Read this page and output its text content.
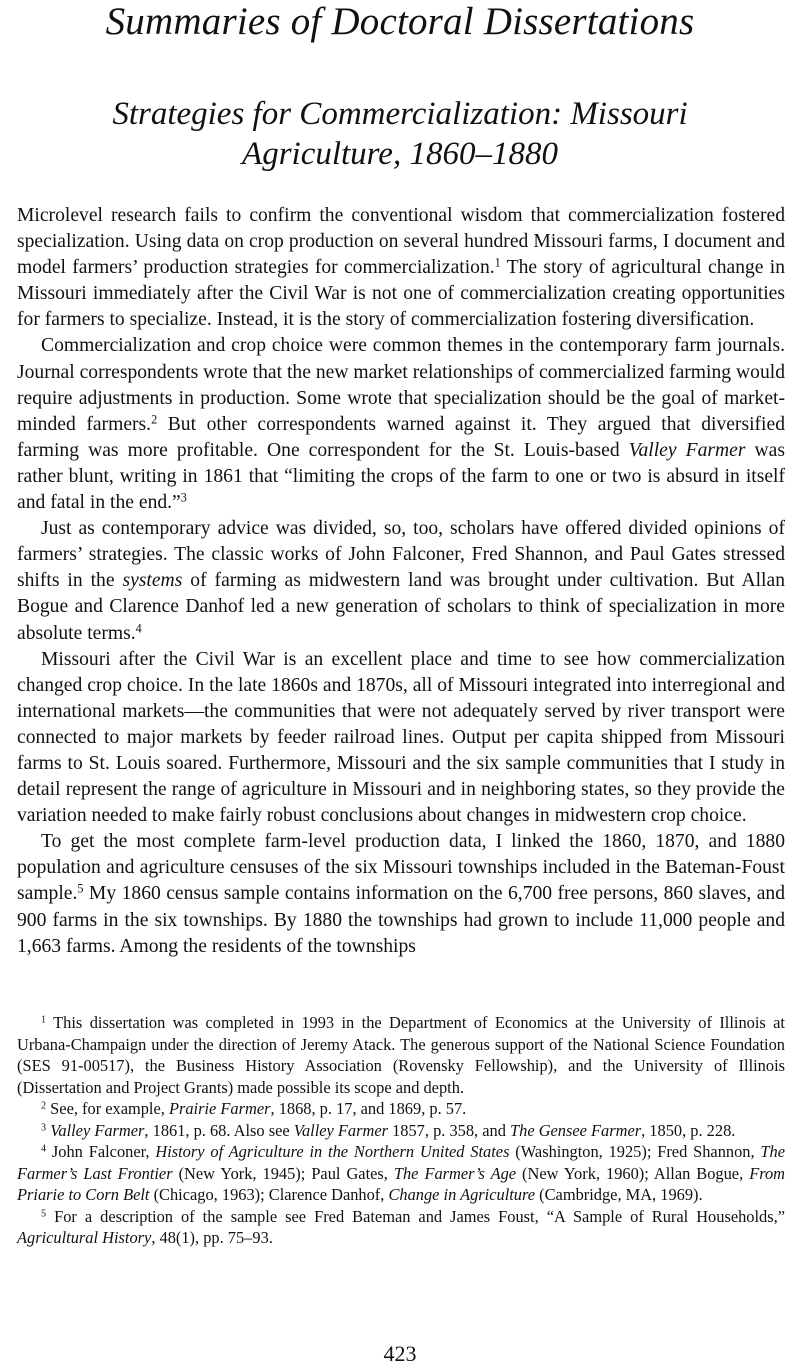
Summaries of Doctoral Dissertations
Strategies for Commercialization: Missouri
Agriculture, 1860–1880

Microlevel research fails to confirm the conventional wisdom that commercialization fostered specialization. Using data on crop production on several hundred Missouri farms, I document and model farmers’ production strategies for commercialization.$^1$ The story of agricultural change in Missouri immediately after the Civil War is not one of commercialization creating opportunities for farmers to specialize. Instead, it is the story of commercialization fostering diversification.

Commercialization and crop choice were common themes in the contemporary farm journals. Journal correspondents wrote that the new market relationships of commercialized farming would require adjustments in production. Some wrote that specialization should be the goal of market-minded farmers.$^2$ But other correspondents warned against it. They argued that diversified farming was more profitable. One correspondent for the St. Louis-based Valley Farmer was rather blunt, writing in 1861 that “limiting the crops of the farm to one or two is absurd in itself and fatal in the end.”$^3$

Just as contemporary advice was divided, so, too, scholars have offered divided opinions of farmers’ strategies. The classic works of John Falconer, Fred Shannon, and Paul Gates stressed shifts in the systems of farming as midwestern land was brought under cultivation. But Allan Bogue and Clarence Danhof led a new generation of scholars to think of specialization in more absolute terms.$^4$

Missouri after the Civil War is an excellent place and time to see how commercialization changed crop choice. In the late 1860s and 1870s, all of Missouri integrated into interregional and international markets—the communities that were not adequately served by river transport were connected to major markets by feeder railroad lines. Output per capita shipped from Missouri farms to St. Louis soared. Furthermore, Missouri and the six sample communities that I study in detail represent the range of agriculture in Missouri and in neighboring states, so they provide the variation needed to make fairly robust conclusions about changes in midwestern crop choice.

To get the most complete farm-level production data, I linked the 1860, 1870, and 1880 population and agriculture censuses of the six Missouri townships included in the Bateman-Foust sample.$^5$ My 1860 census sample contains information on the 6,700 free persons, 860 slaves, and 900 farms in the six townships. By 1880 the townships had grown to include 11,000 people and 1,663 farms. Among the residents of the townships

$^1$ This dissertation was completed in 1993 in the Department of Economics at the University of Illinois at Urbana-Champaign under the direction of Jeremy Atack. The generous support of the National Science Foundation (SES 91-00517), the Business History Association (Rovensky Fellowship), and the University of Illinois (Dissertation and Project Grants) made possible its scope and depth.

$^2$ See, for example, Prairie Farmer, 1868, p. 17, and 1869, p. 57.

$^3$ Valley Farmer, 1861, p. 68. Also see Valley Farmer 1857, p. 358, and The Gensee Farmer, 1850, p. 228.

$^4$ John Falconer, History of Agriculture in the Northern United States (Washington, 1925); Fred Shannon, The Farmer’s Last Frontier (New York, 1945); Paul Gates, The Farmer’s Age (New York, 1960); Allan Bogue, From Priarie to Corn Belt (Chicago, 1963); Clarence Danhof, Change in Agriculture (Cambridge, MA, 1969).

$^5$ For a description of the sample see Fred Bateman and James Foust, “A Sample of Rural Households,” Agricultural History, 48(1), pp. 75–93.

423
